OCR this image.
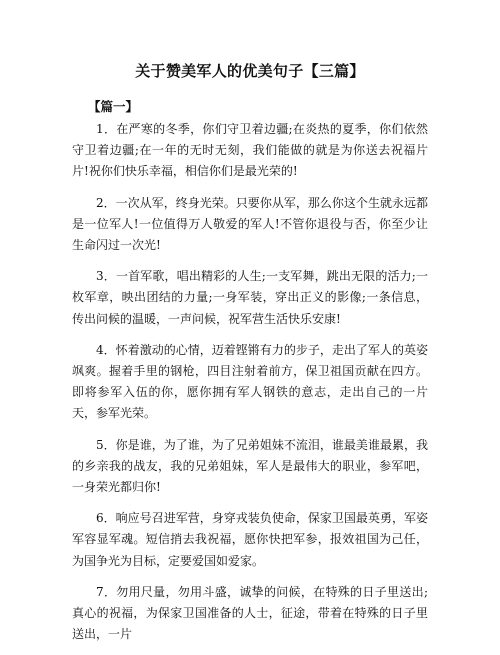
关于赞美军人的优美句子【三篇】
【篇一】

1．在严寒的冬季，你们守卫着边疆;在炎热的夏季，你们依然守卫着边疆;在一年的无时无刻，我们能做的就是为你送去祝福片片!祝你们快乐幸福，相信你们是最光荣的!

2．一次从军，终身光荣。只要你从军，那么你这个生就永远都是一位军人!一位值得万人敬爱的军人!不管你退役与否，你至少让生命闪过一次光!

3．一首军歌，唱出精彩的人生;一支军舞，跳出无限的活力;一枚军章，映出团结的力量;一身军装，穿出正义的影像;一条信息，传出问候的温暖，一声问候，祝军营生活快乐安康!

4．怀着激动的心情，迈着铿锵有力的步子，走出了军人的英姿飒爽。握着手里的钢枪，四目注射着前方，保卫祖国贡献在四方。即将参军入伍的你，愿你拥有军人钢铁的意志，走出自己的一片天，参军光荣。

5．你是谁，为了谁，为了兄弟姐妹不流泪，谁最美谁最累，我的乡亲我的战友，我的兄弟姐妹，军人是最伟大的职业，参军吧，一身荣光都归你!

6．响应号召进军营，身穿戎装负使命，保家卫国最英勇，军姿军容显军魂。短信捎去我祝福，愿你快把军参，报效祖国为己任，为国争光为目标，定要爱国如爱家。

7．勿用尺量，勿用斗盛，诚挚的问候，在特殊的日子里送出;真心的祝福，为保家卫国准备的人士，征途，带着在特殊的日子里送出，一片
